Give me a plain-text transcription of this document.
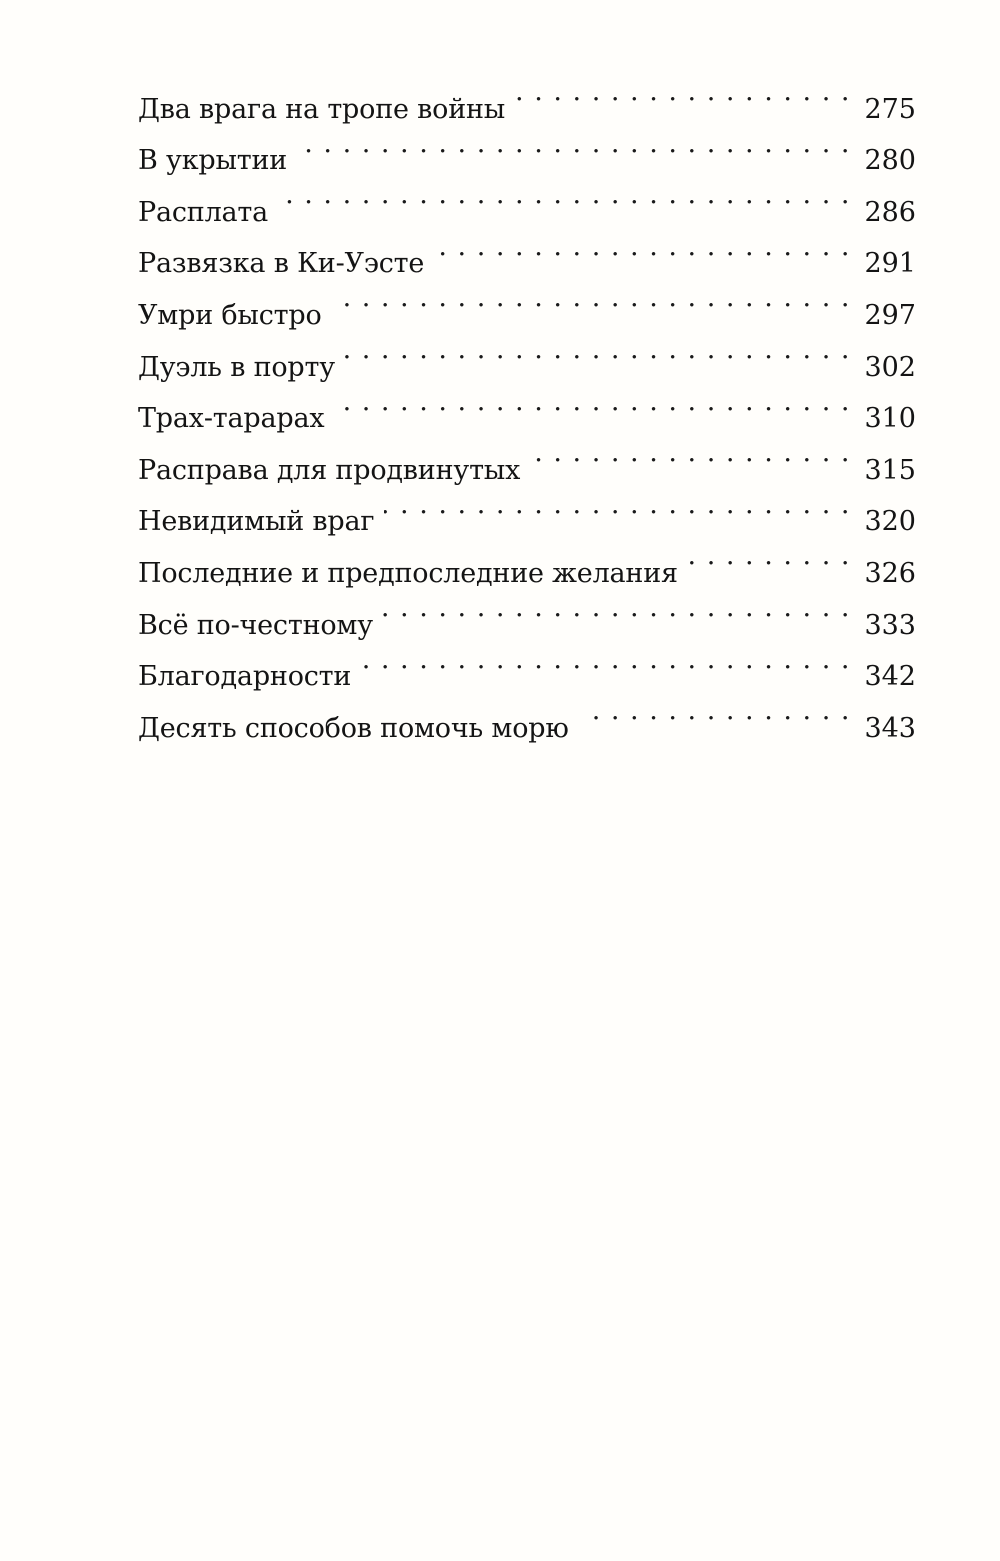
Два врага на тропе войны . . .	275
В укрытии . . .	280
Расплата . . .	286
Развязка в Ки-Уэсте . . .	291
Умри быстро . . .	297
Дуэль в порту . . .	302
Трах-тарарах . . .	310
Расправа для продвинутых . . .	315
Невидимый враг . . .	320
Последние и предпоследние желания . . .	326
Всё по-честному . . .	333
Благодарности . . .	342
Десять способов помочь морю . . .	343
